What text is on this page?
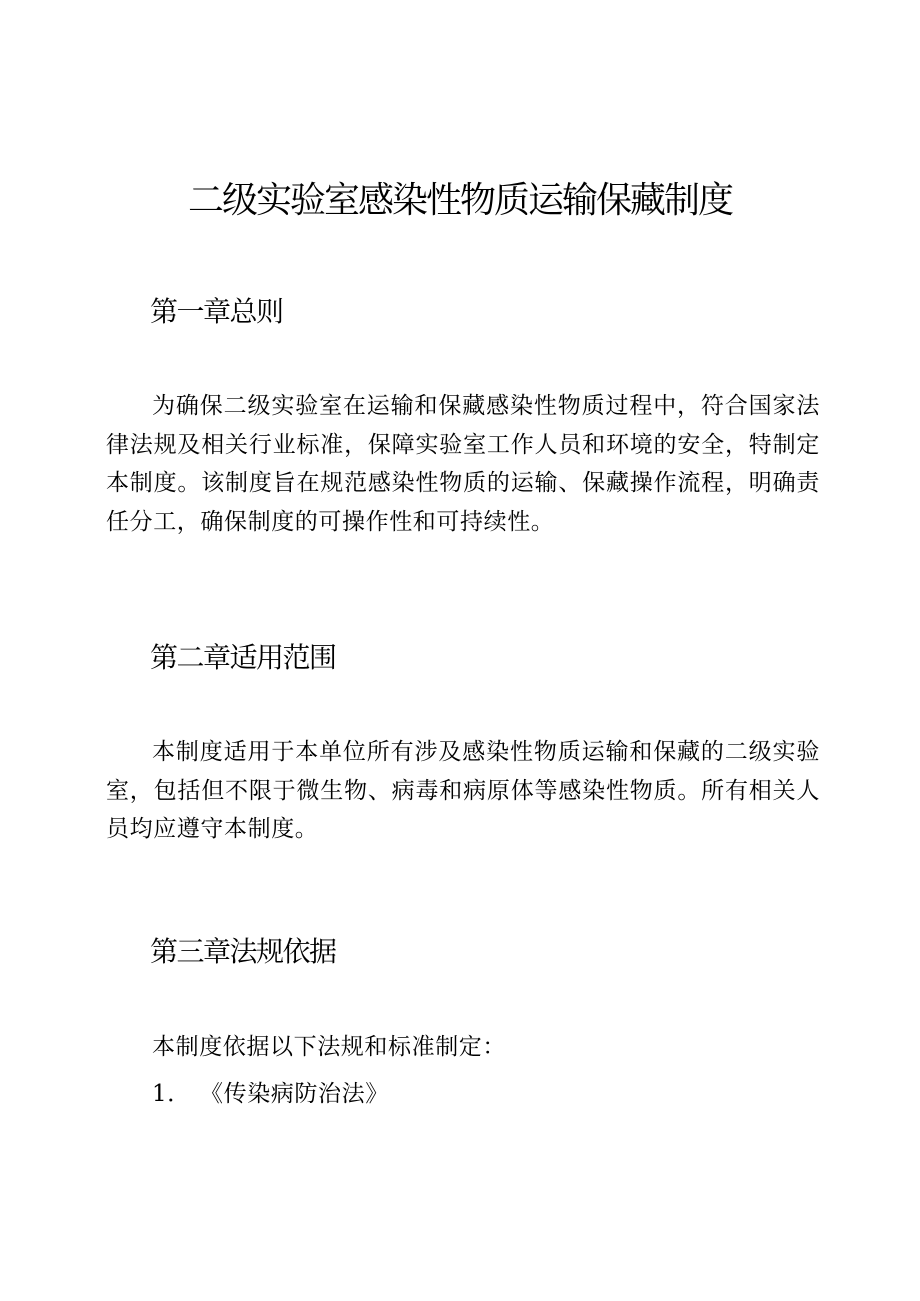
二级实验室感染性物质运输保藏制度
第一章总则

为确保二级实验室在运输和保藏感染性物质过程中，符合国家法律法规及相关行业标准，保障实验室工作人员和环境的安全，特制定本制度。该制度旨在规范感染性物质的运输、保藏操作流程，明确责任分工，确保制度的可操作性和可持续性。

第二章适用范围

本制度适用于本单位所有涉及感染性物质运输和保藏的二级实验室，包括但不限于微生物、病毒和病原体等感染性物质。所有相关人员均应遵守本制度。

第三章法规依据

本制度依据以下法规和标准制定：

1． 《传染病防治法》
